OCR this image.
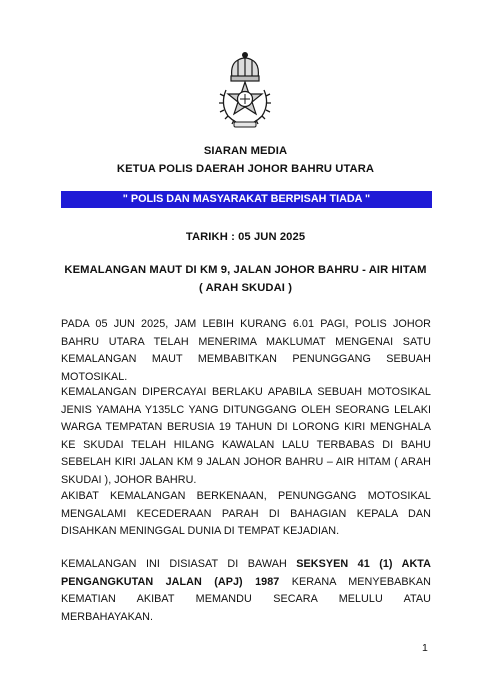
SIARAN MEDIA
KETUA POLIS DAERAH JOHOR BAHRU UTARA
" POLIS DAN MASYARAKAT BERPISAH TIADA "
TARIKH : 05 JUN 2025
KEMALANGAN MAUT DI KM 9, JALAN JOHOR BAHRU - AIR HITAM
( ARAH SKUDAI )
PADA 05 JUN 2025, JAM LEBIH KURANG 6.01 PAGI, POLIS JOHOR BAHRU UTARA TELAH MENERIMA MAKLUMAT MENGENAI SATU KEMALANGAN MAUT MEMBABITKAN PENUNGGANG SEBUAH MOTOSIKAL.
KEMALANGAN DIPERCAYAI BERLAKU APABILA SEBUAH MOTOSIKAL JENIS YAMAHA Y135LC YANG DITUNGGANG OLEH SEORANG LELAKI WARGA TEMPATAN BERUSIA 19 TAHUN DI LORONG KIRI MENGHALA KE SKUDAI TELAH HILANG KAWALAN LALU TERBABAS DI BAHU SEBELAH KIRI JALAN KM 9 JALAN JOHOR BAHRU – AIR HITAM ( ARAH SKUDAI ), JOHOR BAHRU.
AKIBAT KEMALANGAN BERKENAAN, PENUNGGANG MOTOSIKAL MENGALAMI KECEDERAAN PARAH DI BAHAGIAN KEPALA DAN DISAHKAN MENINGGAL DUNIA DI TEMPAT KEJADIAN.
KEMALANGAN INI DISIASAT DI BAWAH SEKSYEN 41 (1) AKTA PENGANGKUTAN JALAN (APJ) 1987 KERANA MENYEBABKAN KEMATIAN AKIBAT MEMANDU SECARA MELULU ATAU MERBAHAYAKAN.
1
